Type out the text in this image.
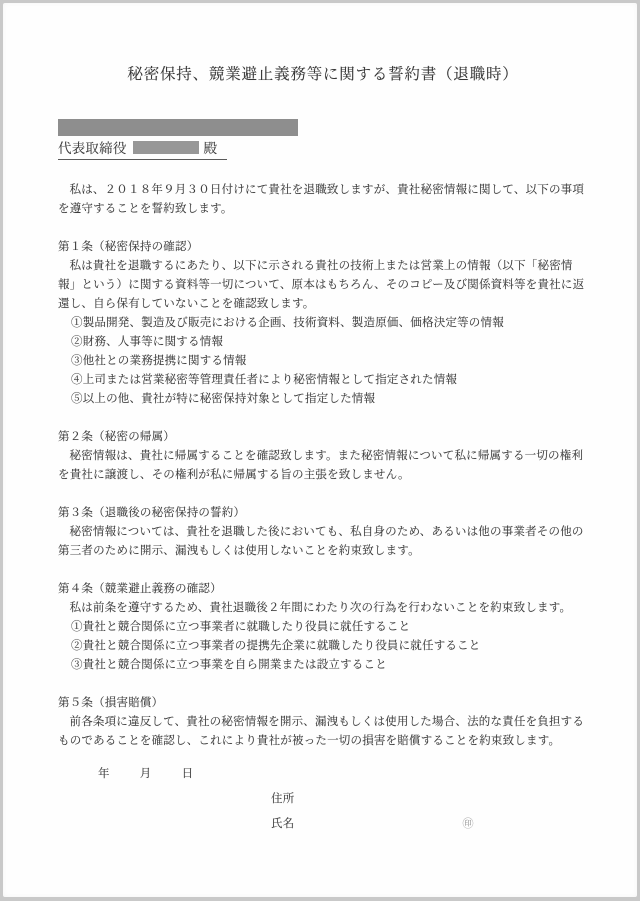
秘密保持、競業避止義務等に関する誓約書（退職時）
代表取締役	殿

私は、２０１８年９月３０日付けにて貴社を退職致しますが、貴社秘密情報に関して、以下の事項を遵守することを誓約致します。

第１条（秘密保持の確認）

私は貴社を退職するにあたり、以下に示される貴社の技術上または営業上の情報（以下「秘密情報」という）に関する資料等一切について、原本はもちろん、そのコピー及び関係資料等を貴社に返還し、自ら保有していないことを確認致します。

①製品開発、製造及び販売における企画、技術資料、製造原価、価格決定等の情報
②財務、人事等に関する情報
③他社との業務提携に関する情報
④上司または営業秘密等管理責任者により秘密情報として指定された情報
⑤以上の他、貴社が特に秘密保持対象として指定した情報
第２条（秘密の帰属）

秘密情報は、貴社に帰属することを確認致します。また秘密情報について私に帰属する一切の権利を貴社に譲渡し、その権利が私に帰属する旨の主張を致しません。

第３条（退職後の秘密保持の誓約）

秘密情報については、貴社を退職した後においても、私自身のため、あるいは他の事業者その他の第三者のために開示、漏洩もしくは使用しないことを約束致します。

第４条（競業避止義務の確認）

私は前条を遵守するため、貴社退職後２年間にわたり次の行為を行わないことを約束致します。

①貴社と競合関係に立つ事業者に就職したり役員に就任すること
②貴社と競合関係に立つ事業者の提携先企業に就職したり役員に就任すること
③貴社と競合関係に立つ事業を自ら開業または設立すること
第５条（損害賠償）

前各条項に違反して、貴社の秘密情報を開示、漏洩もしくは使用した場合、法的な責任を負担するものであることを確認し、これにより貴社が被った一切の損害を賠償することを約束致します。

年	月	日
住所
氏名	㊞
